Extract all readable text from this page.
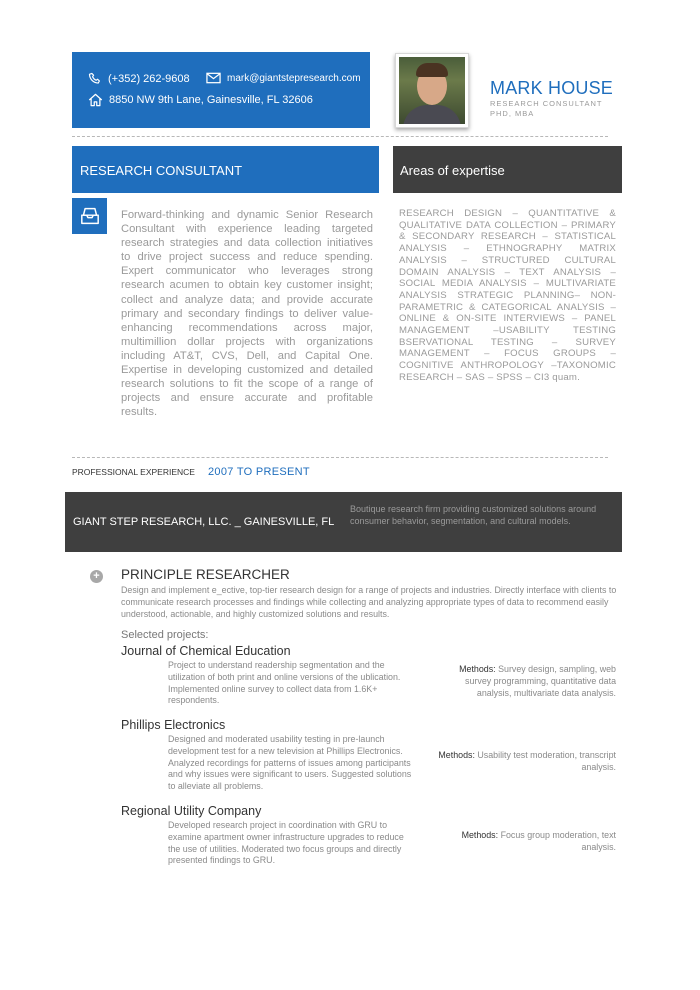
(+352) 262-9608	mark@giantstepresearch.com
8850 NW 9th Lane, Gainesville, FL 32606
MARK HOUSE
RESEARCH CONSULTANT
PHD, MBA
RESEARCH CONSULTANT	Areas of expertise
Forward-thinking and dynamic Senior Research Consultant with experience leading targeted research strategies and data collection initiatives to drive project success and reduce spending. Expert communicator who leverages strong research acumen to obtain key customer insight; collect and analyze data; and provide accurate primary and secondary findings to deliver value-enhancing recommendations across major, multimillion dollar projects with organizations including AT&T, CVS, Dell, and Capital One. Expertise in developing customized and detailed research solutions to fit the scope of a range of projects and ensure accurate and profitable results.
RESEARCH DESIGN – QUANTITATIVE & QUALITATIVE DATA COLLECTION – PRIMARY & SECONDARY RESEARCH – STATISTICAL ANALYSIS – ETHNOGRAPHY MATRIX ANALYSIS – STRUCTURED CULTURAL DOMAIN ANALYSIS – TEXT ANALYSIS – SOCIAL MEDIA ANALYSIS – MULTIVARIATE ANALYSIS STRATEGIC PLANNING– NON-PARAMETRIC & CATEGORICAL ANALYSIS – ONLINE & ON-SITE INTERVIEWS – PANEL MANAGEMENT –USABILITY TESTING BSERVATIONAL TESTING – SURVEY MANAGEMENT – FOCUS GROUPS – COGNITIVE ANTHROPOLOGY –TAXONOMIC RESEARCH – SAS – SPSS – CI3 quam.
PROFESSIONAL EXPERIENCE 2007 TO PRESENT
GIANT STEP RESEARCH, LLC. _ GAINESVILLE, FL
Boutique research firm providing customized solutions around consumer behavior, segmentation, and cultural models.
+ PRINCIPLE RESEARCHER
Design and implement e_ective, top-tier research design for a range of projects and industries. Directly interface with clients to communicate research processes and findings while collecting and analyzing appropriate types of data to recommend easily understood, actionable, and highly customized solutions and results.
Selected projects:
Journal of Chemical Education
Project to understand readership segmentation and the utilization of both print and online versions of the ublication. Implemented online survey to collect data from 1.6K+ respondents.
Methods: Survey design, sampling, web survey programming, quantitative data analysis, multivariate data analysis.
Phillips Electronics
Designed and moderated usability testing in pre-launch development test for a new television at Phillips Electronics. Analyzed recordings for patterns of issues among participants and why issues were significant to users. Suggested solutions to alleviate all problems.
Methods: Usability test moderation, transcript analysis.
Regional Utility Company
Developed research project in coordination with GRU to examine apartment owner infrastructure upgrades to reduce the use of utilities. Moderated two focus groups and directly presented findings to GRU.
Methods: Focus group moderation, text analysis.
